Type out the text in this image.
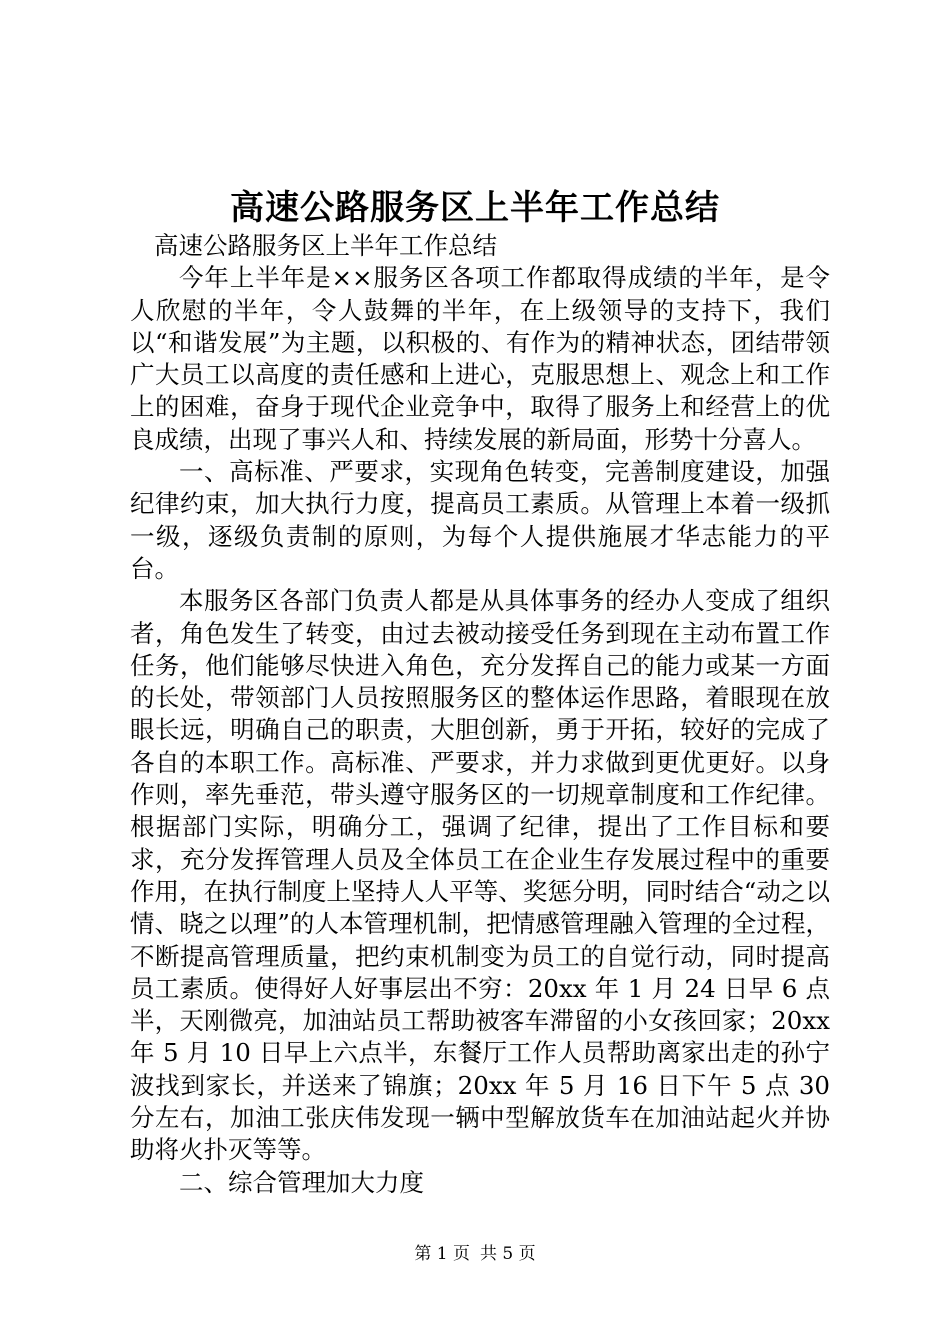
高速公路服务区上半年工作总结

高速公路服务区上半年工作总结

今年上半年是××服务区各项工作都取得成绩的半年，是令人欣慰的半年，令人鼓舞的半年，在上级领导的支持下，我们以“和谐发展”为主题，以积极的、有作为的精神状态，团结带领广大员工以高度的责任感和上进心，克服思想上、观念上和工作上的困难，奋身于现代企业竞争中，取得了服务上和经营上的优良成绩，出现了事兴人和、持续发展的新局面，形势十分喜人。

一、高标准、严要求，实现角色转变，完善制度建设，加强纪律约束，加大执行力度，提高员工素质。从管理上本着一级抓一级，逐级负责制的原则，为每个人提供施展才华志能力的平台。

本服务区各部门负责人都是从具体事务的经办人变成了组织者，角色发生了转变，由过去被动接受任务到现在主动布置工作任务，他们能够尽快进入角色，充分发挥自己的能力或某一方面的长处，带领部门人员按照服务区的整体运作思路，着眼现在放眼长远，明确自己的职责，大胆创新，勇于开拓，较好的完成了各自的本职工作。高标准、严要求，并力求做到更优更好。以身作则，率先垂范，带头遵守服务区的一切规章制度和工作纪律。根据部门实际，明确分工，强调了纪律，提出了工作目标和要求，充分发挥管理人员及全体员工在企业生存发展过程中的重要作用，在执行制度上坚持人人平等、奖惩分明，同时结合“动之以情、晓之以理”的人本管理机制，把情感管理融入管理的全过程，不断提高管理质量，把约束机制变为员工的自觉行动，同时提高员工素质。使得好人好事层出不穷：20xx 年 1 月 24 日早 6 点半，天刚微亮，加油站员工帮助被客车滞留的小女孩回家；20xx 年 5 月 10 日早上六点半，东餐厅工作人员帮助离家出走的孙宁波找到家长，并送来了锦旗；20xx 年 5 月 16 日下午 5 点 30 分左右，加油工张庆伟发现一辆中型解放货车在加油站起火并协助将火扑灭等等。

二、综合管理加大力度

第 1 页 共 5 页
